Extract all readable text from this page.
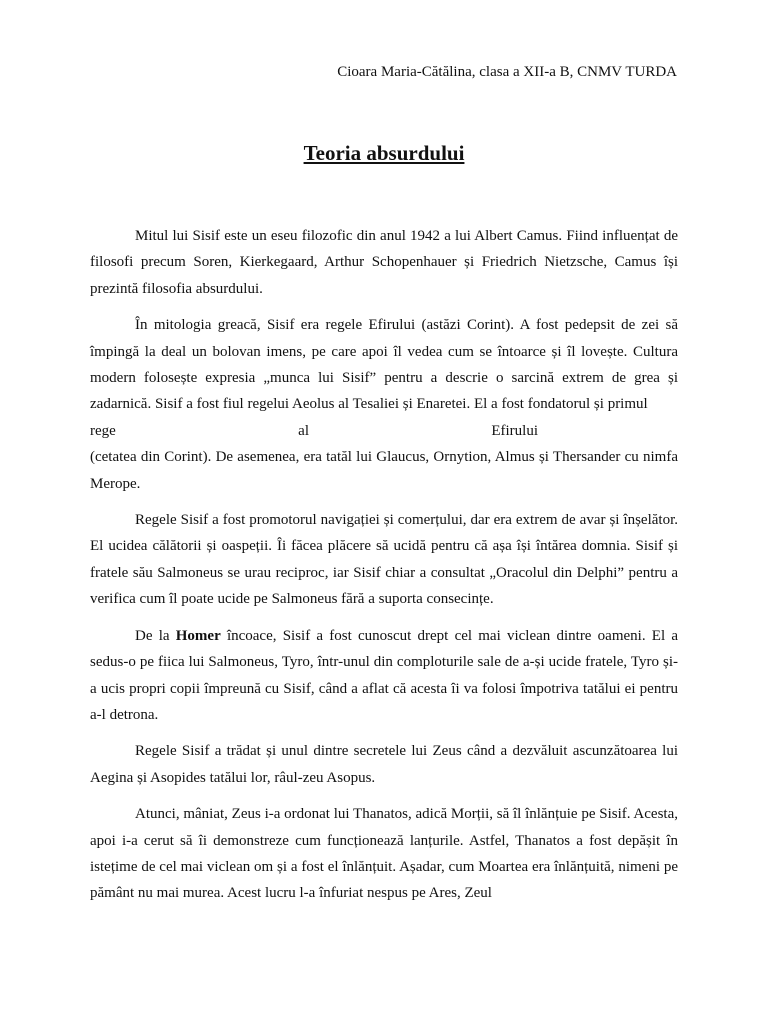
Cioara Maria-Cătălina, clasa a XII-a B, CNMV TURDA
Teoria absurdului

Mitul lui Sisif este un eseu filozofic din anul 1942 a lui Albert Camus. Fiind influențat de filosofi precum Soren, Kierkegaard, Arthur Schopenhauer și Friedrich Nietzsche, Camus își prezintă filosofia absurdului.

În mitologia greacă, Sisif era regele Efirului (astăzi Corint). A fost pedepsit de zei să împingă la deal un bolovan imens, pe care apoi îl vedea cum se întoarce și îl lovește. Cultura modern folosește expresia „munca lui Sisif” pentru a descrie o sarcină extrem de grea și zadarnică. Sisif a fost fiul regelui Aeolus al Tesaliei și Enaretei. El a fost fondatorul și primul

rege	al	Efirului

(cetatea din Corint). De asemenea, era tatăl lui Glaucus, Ornytion, Almus și Thersander cu nimfa Merope.

Regele Sisif a fost promotorul navigației și comerțului, dar era extrem de avar și înșelător. El ucidea călătorii și oaspeții. Îi făcea plăcere să ucidă pentru că așa își întărea domnia. Sisif și fratele său Salmoneus se urau reciproc, iar Sisif chiar a consultat „Oracolul din Delphi” pentru a verifica cum îl poate ucide pe Salmoneus fără a suporta consecințe.

De la Homer încoace, Sisif a fost cunoscut drept cel mai viclean dintre oameni. El a sedus-o pe fiica lui Salmoneus, Tyro, într-unul din comploturile sale de a-și ucide fratele, Tyro și-a ucis propri copii împreună cu Sisif, când a aflat că acesta îi va folosi împotriva tatălui ei pentru a-l detrona.

Regele Sisif a trădat și unul dintre secretele lui Zeus când a dezvăluit ascunzătoarea lui Aegina și Asopides tatălui lor, râul-zeu Asopus.

Atunci, mâniat, Zeus i-a ordonat lui Thanatos, adică Morții, să îl înlănțuie pe Sisif. Acesta, apoi i-a cerut să îi demonstreze cum funcționează lanțurile. Astfel, Thanatos a fost depășit în istețime de cel mai viclean om și a fost el înlănțuit. Așadar, cum Moartea era înlănțuită, nimeni pe pământ nu mai murea. Acest lucru l-a înfuriat nespus pe Ares, Zeul
